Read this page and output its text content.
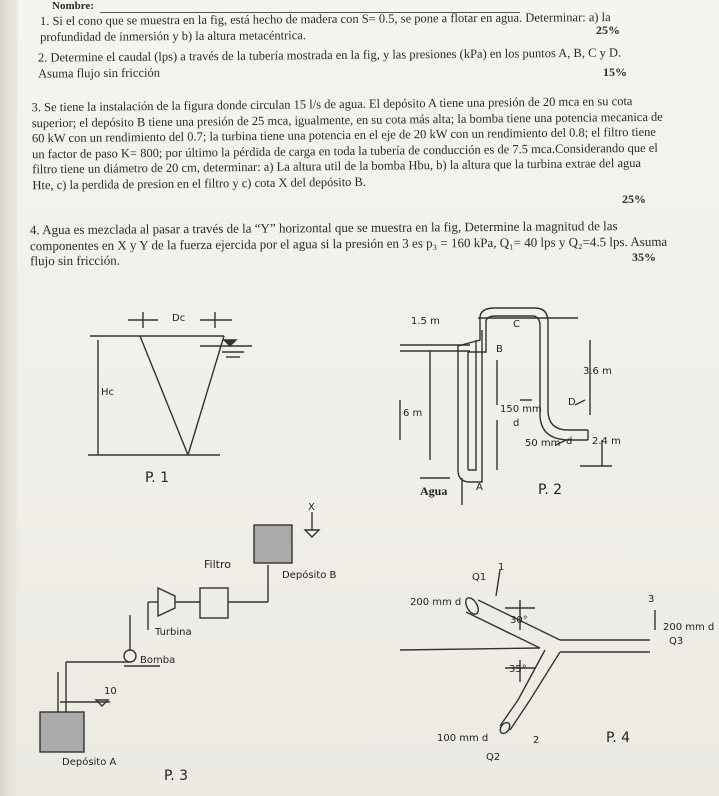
Nombre:
1. Si el cono que se muestra en la fig, está hecho de madera con S= 0.5, se pone a flotar en agua. Determinar: a) la profundidad de inmersión y b) la altura metacéntrica.	25%
2. Determine el caudal (lps) a través de la tubería mostrada en la fig, y las presiones (kPa) en los puntos A, B, C y D. Asuma flujo sin fricción	15%
3. Se tiene la instalación de la figura donde circulan 15 l/s de agua. El depósito A tiene una presión de 20 mca en su cota superior; el depósito B tiene una presión de 25 mca, igualmente, en su cota más alta; la bomba tiene una potencia mecanica de 60 kW con un rendimiento del 0.7; la turbina tiene una potencia en el eje de 20 kW con un rendimiento del 0.8; el filtro tiene un factor de paso K= 800; por último la pérdida de carga en toda la tubería de conducción es de 7.5 mca.Considerando que el filtro tiene un diámetro de 20 cm, determinar: a) La altura util de la bomba Hbu, b) la altura que la turbina extrae del agua Hte, c) la perdida de presion en el filtro y c) cota X del depósito B.
25%
4. Agua es mezclada al pasar a través de la “Y” horizontal que se muestra en la fig, Determine la magnitud de las componentes en X y Y de la fuerza ejercida por el agua si la presión en 3 es p₃ = 160 kPa, Q₁= 40 lps y Q₂=4.5 lps. Asuma flujo sin fricción.	35%
Dc
Hc
P. 1
1.5 m	C
B
3.6 m
6 m	150 mm
d
D
50 mm d 2.4 m
Agua	A	P. 2
X
Filtro
Depósito B
Turbina
Bomba
10
Depósito A
P. 3
Q1
1
200 mm d
30°
3
200 mm d
Q3
35°
100 mm d	2
Q2
P. 4
